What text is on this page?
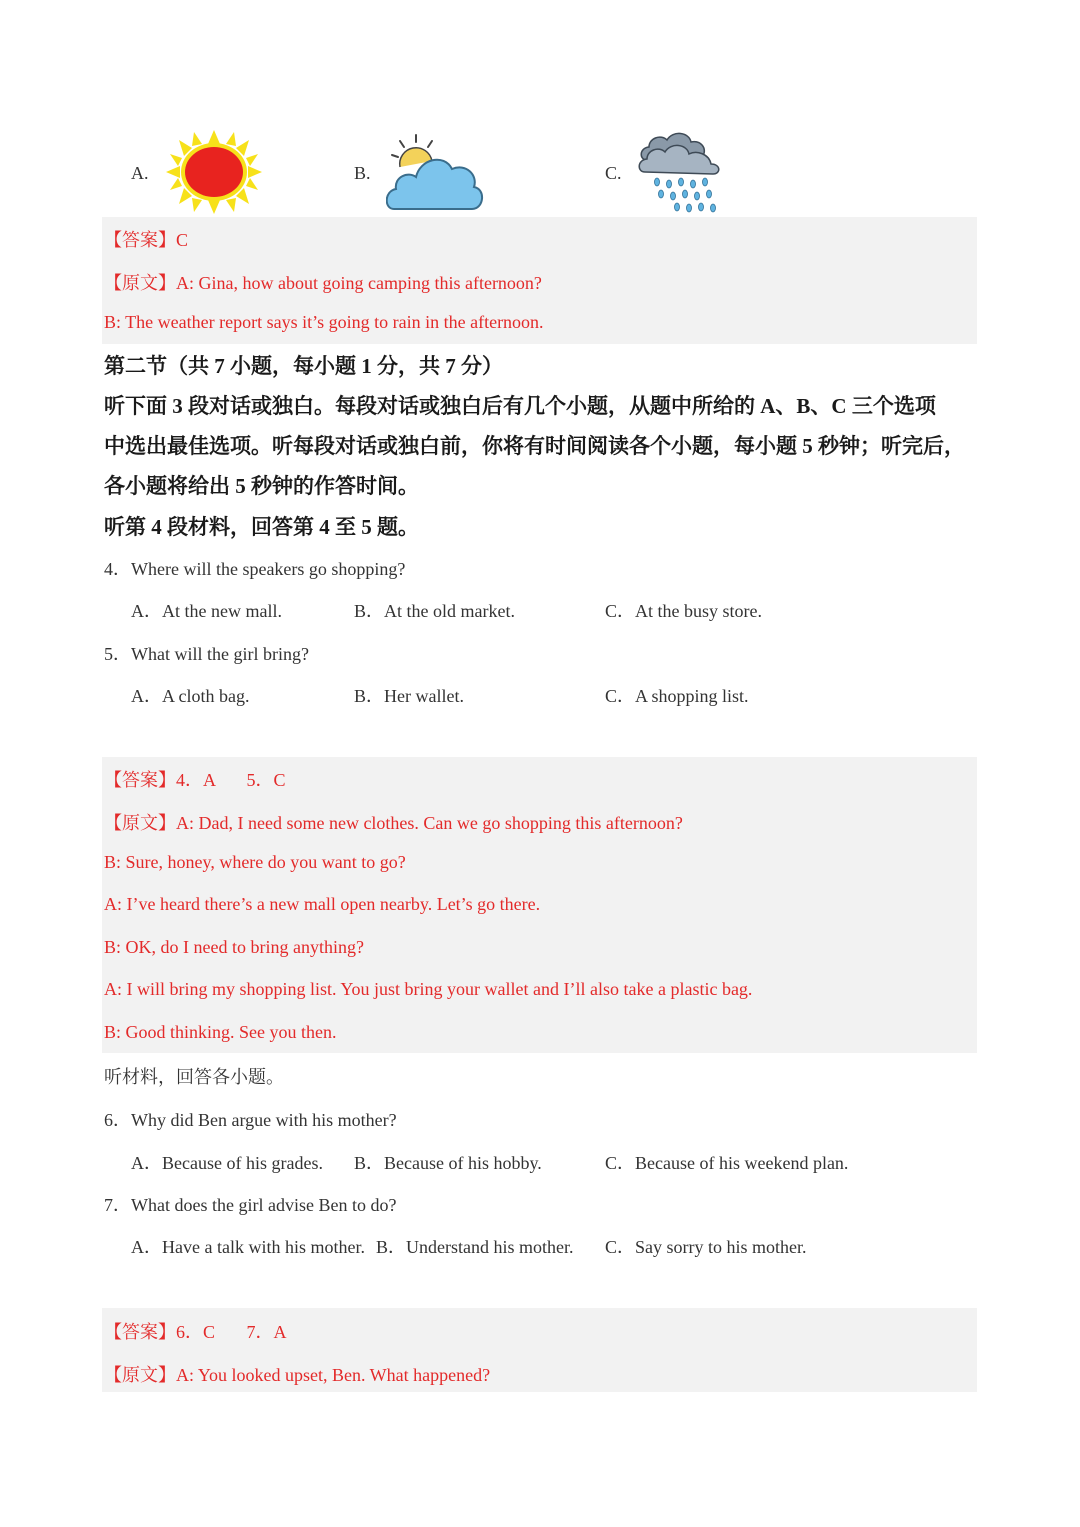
A.	B.	C.
【答案】C
【原文】A: Gina, how about going camping this afternoon?
B: The weather report says it’s going to rain in the afternoon.
第二节（共 7 小题，每小题 1 分，共 7 分）
听下面 3 段对话或独白。每段对话或独白后有几个小题，从题中所给的 A、B、C 三个选项
中选出最佳选项。听每段对话或独白前，你将有时间阅读各个小题，每小题 5 秒钟；听完后，
各小题将给出 5 秒钟的作答时间。
听第 4 段材料，回答第 4 至 5 题。
4．Where will the speakers go shopping?
A．At the new mall.	B．At the old market.	C．At the busy store.
5．What will the girl bring?
A．A cloth bag.	B．Her wallet.	C．A shopping list.
【答案】4．A       5．C
【原文】A: Dad, I need some new clothes. Can we go shopping this afternoon?
B: Sure, honey, where do you want to go?
A: I’ve heard there’s a new mall open nearby. Let’s go there.
B: OK, do I need to bring anything?
A: I will bring my shopping list. You just bring your wallet and I’ll also take a plastic bag.
B: Good thinking. See you then.
听材料，回答各小题。
6．Why did Ben argue with his mother?
A．Because of his grades. B．Because of his hobby.	C．Because of his weekend plan.
7．What does the girl advise Ben to do?
A．Have a talk with his mother. B．Understand his mother. C．Say sorry to his mother.
【答案】6．C       7．A
【原文】A: You looked upset, Ben. What happened?
